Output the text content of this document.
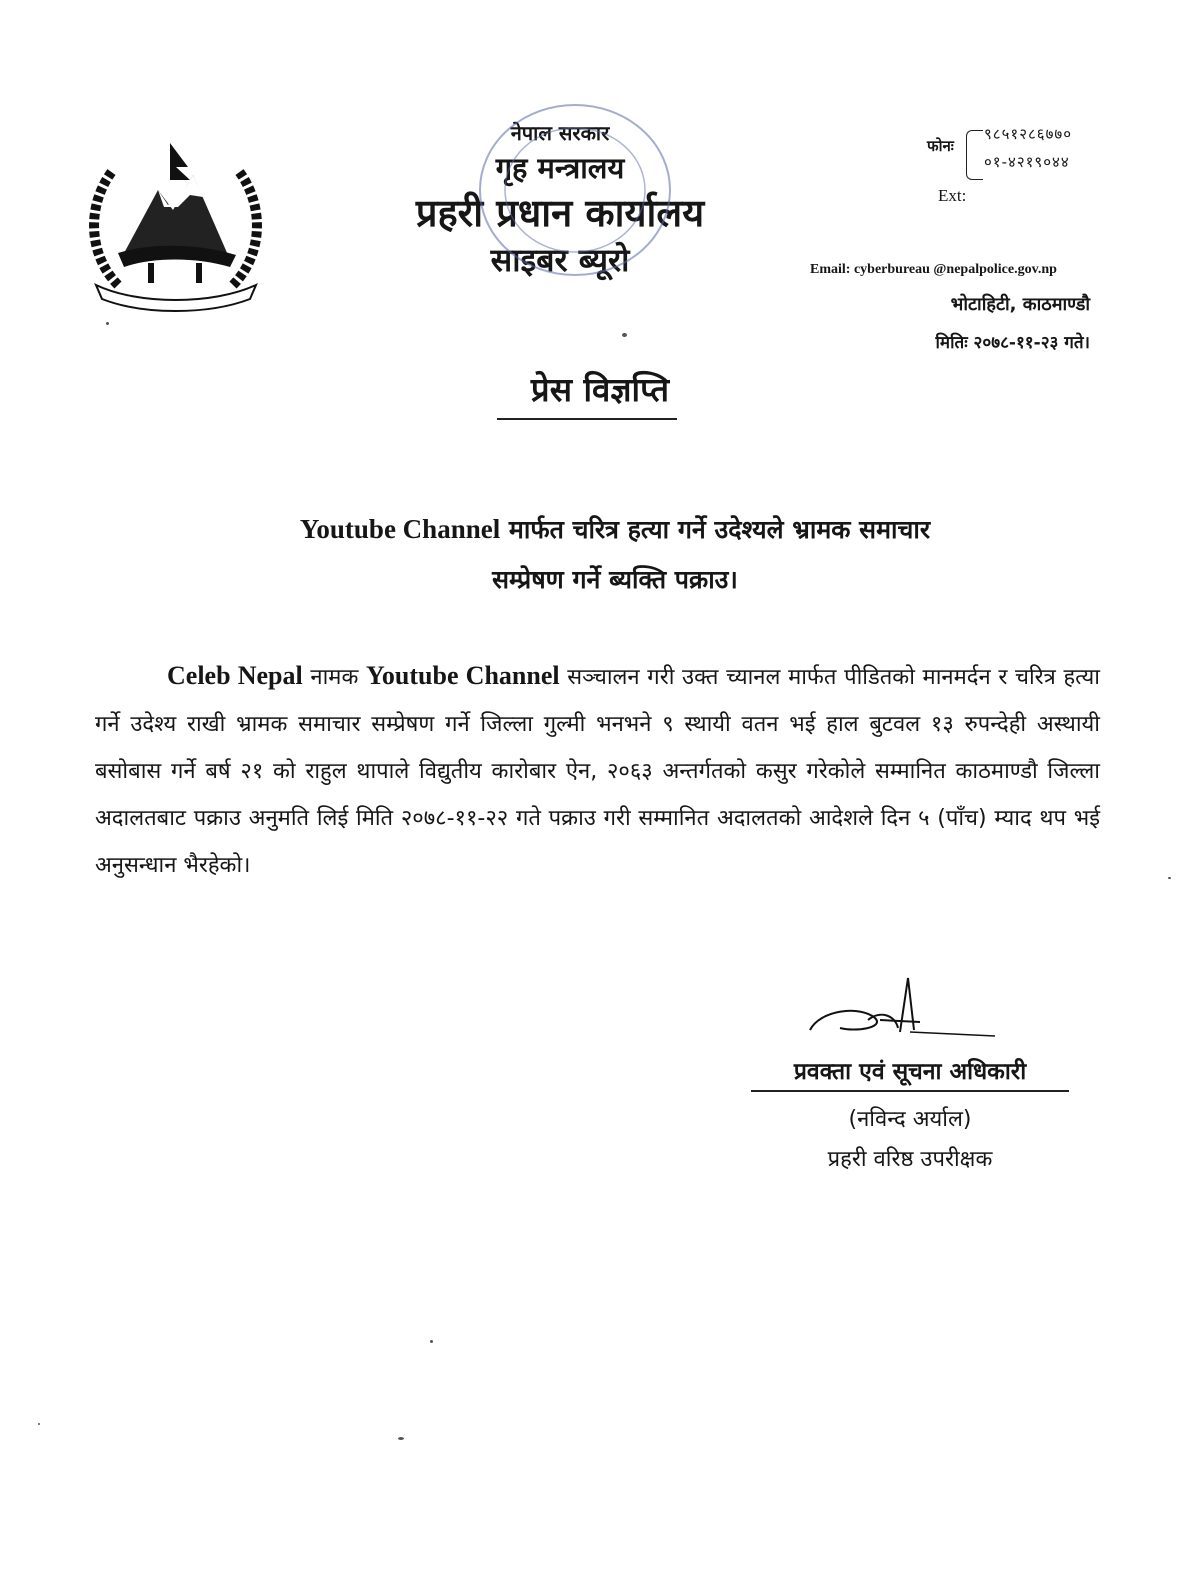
नेपाल सरकार
गृह मन्त्रालय
प्रहरी प्रधान कार्यालय
साइबर ब्यूरो
फोनः
९८५१२८६७७०
०१-४२१९०४४
Ext:
Email: cyberbureau @nepalpolice.gov.np
भोटाहिटी, काठमाण्डौ
मितिः २०७८-११-२३ गते।
प्रेस विज्ञप्ति
Youtube Channel मार्फत चरित्र हत्या गर्ने उदेश्यले भ्रामक समाचार
सम्प्रेषण गर्ने ब्यक्ति पक्राउ।
Celeb Nepal नामक Youtube Channel सञ्चालन गरी उक्त च्यानल मार्फत पीडितको मानमर्दन र चरित्र हत्या गर्ने उदेश्य राखी भ्रामक समाचार सम्प्रेषण गर्ने जिल्ला गुल्मी भनभने ९ स्थायी वतन भई हाल बुटवल १३ रुपन्देही अस्थायी बसोबास गर्ने बर्ष २१ को राहुल थापाले विद्युतीय कारोबार ऐन, २०६३ अन्तर्गतको कसुर गरेकोले सम्मानित काठमाण्डौ जिल्ला अदालतबाट पक्राउ अनुमति लिई मिति २०७८-११-२२ गते पक्राउ गरी सम्मानित अदालतको आदेशले दिन ५ (पाँच) म्याद थप भई अनुसन्धान भैरहेको।
प्रवक्ता एवं सूचना अधिकारी
(नविन्द अर्याल)
प्रहरी वरिष्ठ उपरीक्षक
